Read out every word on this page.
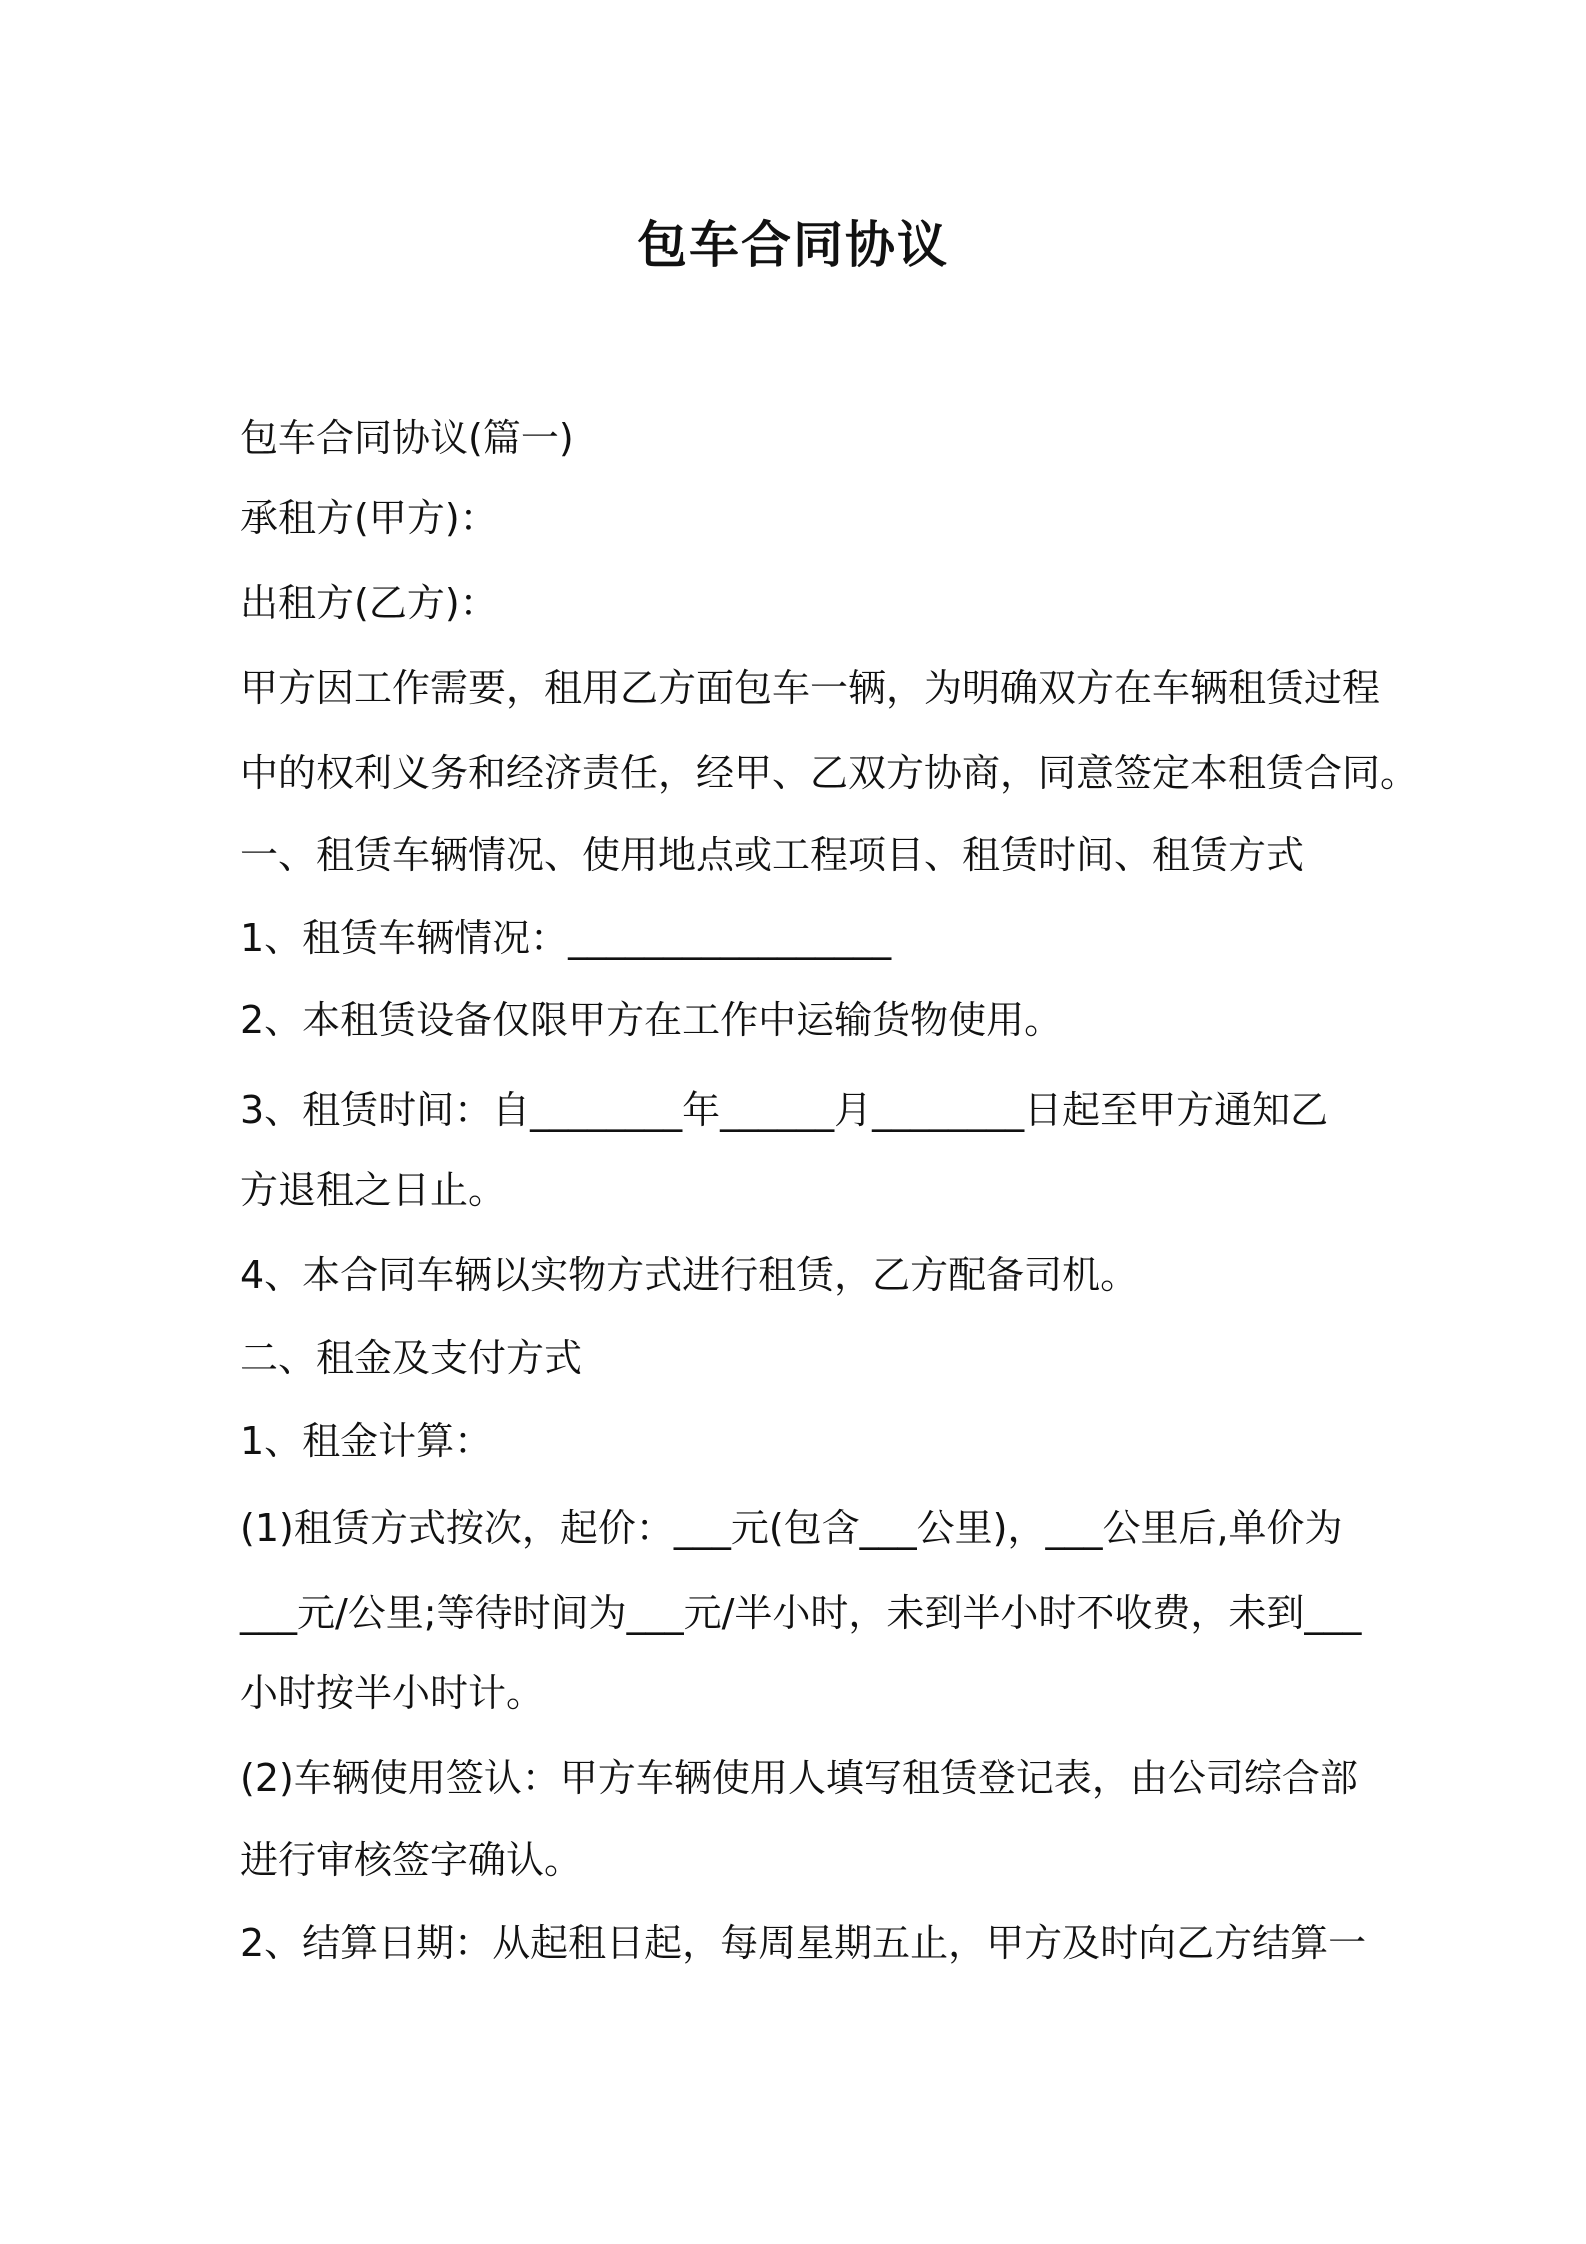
包车合同协议
包车合同协议(篇一)
承租方(甲方)：
出租方(乙方)：
甲方因工作需要，租用乙方面包车一辆，为明确双方在车辆租赁过程
中的权利义务和经济责任，经甲、乙双方协商，同意签定本租赁合同。
一、租赁车辆情况、使用地点或工程项目、租赁时间、租赁方式
1、租赁车辆情况：_________________
2、本租赁设备仅限甲方在工作中运输货物使用。
3、租赁时间：自________年______月________日起至甲方通知乙
方退租之日止。
4、本合同车辆以实物方式进行租赁，乙方配备司机。
二、租金及支付方式
1、租金计算：
(1)租赁方式按次，起价：___元(包含___公里)，___公里后,单价为
___元/公里;等待时间为___元/半小时，未到半小时不收费，未到___
小时按半小时计。
(2)车辆使用签认：甲方车辆使用人填写租赁登记表，由公司综合部
进行审核签字确认。
2、结算日期：从起租日起，每周星期五止，甲方及时向乙方结算一
